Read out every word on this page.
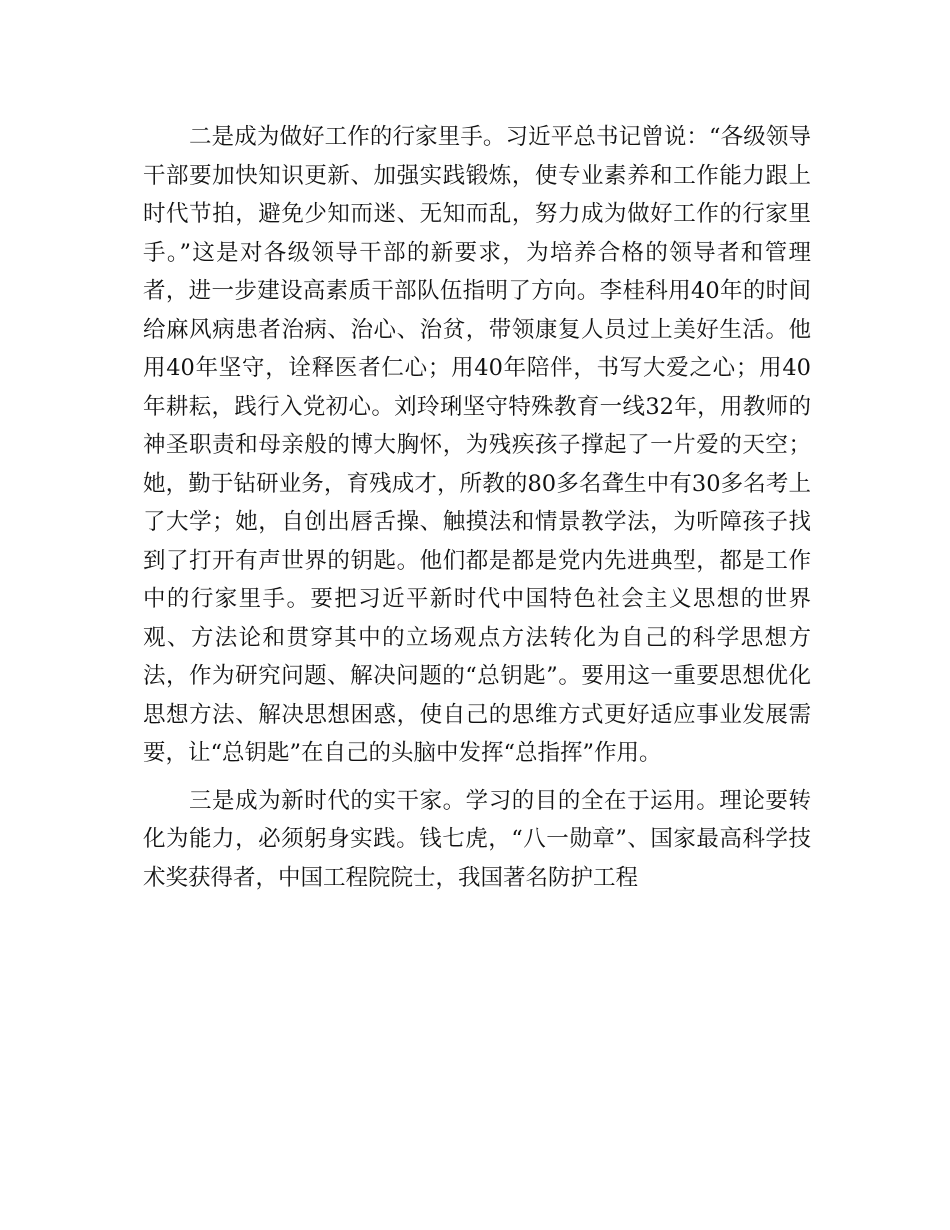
二是成为做好工作的行家里手。习近平总书记曾说：“各级领导干部要加快知识更新、加强实践锻炼，使专业素养和工作能力跟上时代节拍，避免少知而迷、无知而乱，努力成为做好工作的行家里手。”这是对各级领导干部的新要求，为培养合格的领导者和管理者，进一步建设高素质干部队伍指明了方向。李桂科用40年的时间给麻风病患者治病、治心、治贫，带领康复人员过上美好生活。他用40年坚守，诠释医者仁心；用40年陪伴，书写大爱之心；用40年耕耘，践行入党初心。刘玲琍坚守特殊教育一线32年，用教师的神圣职责和母亲般的博大胸怀，为残疾孩子撑起了一片爱的天空；她，勤于钻研业务，育残成才，所教的80多名聋生中有30多名考上了大学；她，自创出唇舌操、触摸法和情景教学法，为听障孩子找到了打开有声世界的钥匙。他们都是都是党内先进典型，都是工作中的行家里手。要把习近平新时代中国特色社会主义思想的世界观、方法论和贯穿其中的立场观点方法转化为自己的科学思想方法，作为研究问题、解决问题的“总钥匙”。要用这一重要思想优化思想方法、解决思想困惑，使自己的思维方式更好适应事业发展需要，让“总钥匙”在自己的头脑中发挥“总指挥”作用。

三是成为新时代的实干家。学习的目的全在于运用。理论要转化为能力，必须躬身实践。钱七虎，“八一勋章”、国家最高科学技术奖获得者，中国工程院院士，我国著名防护工程
